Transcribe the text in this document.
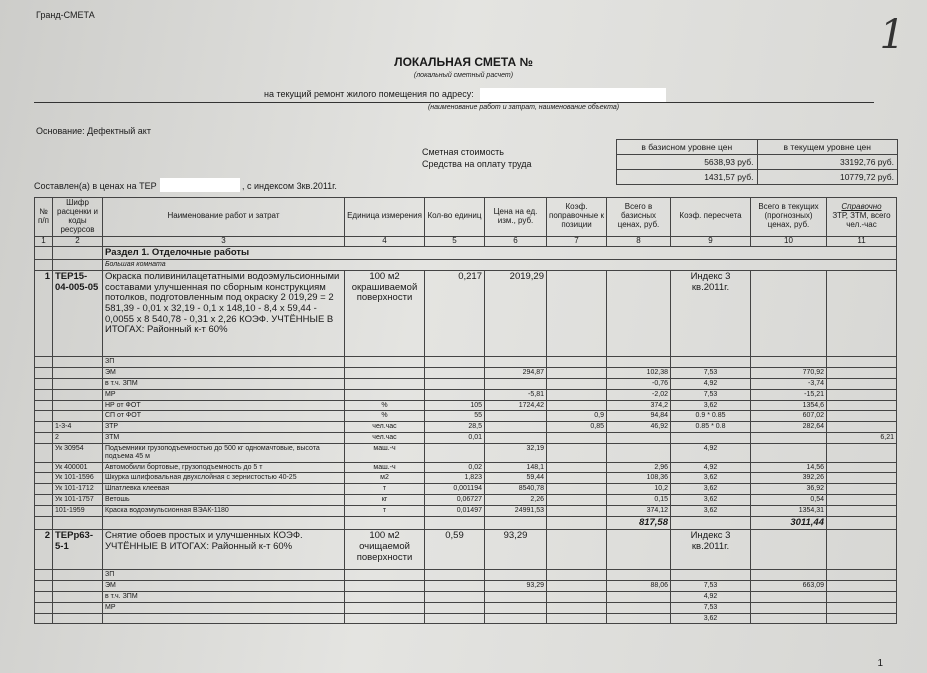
Гранд-СМЕТА	1
ЛОКАЛЬНАЯ СМЕТА №
(локальный сметный расчет)
на текущий ремонт жилого помещения по адресу:
(наименование работ и затрат, наименование объекта)
Основание: Дефектный акт
Сметная стоимость
Средства на оплату труда
в базисном уровне цен	в текущем уровне цен
5638,93 руб.	33192,76 руб.
1431,57 руб.	10779,72 руб.
Составлен(а) в ценах на ТЕР	, с индексом 3кв.2011г.
№ п/п	Шифр расценки и коды ресурсов	Наименование работ и затрат	Единица измерения	Кол-во единиц	Цена на ед. изм., руб.	Коэф. поправочные к позиции	Всего в базисных ценах, руб.	Коэф. пересчета	Всего в текущих (прогнозных) ценах, руб.	Справочно
ЗТР, ЗТМ, всего чел.-час

1	2	3	4	5	6	7	8	9	10	11
		Раздел 1. Отделочные работы								
		Большая комната								
1	ТЕР15-04-005-05	Окраска поливинилацетатными водоэмульсионными составами улучшенная по сборным конструкциям потолков, подготовленным под окраску 2 019,29 = 2 581,39 - 0,01 x 32,19 - 0,1 x 148,10 - 8,4 x 59,44 - 0,0055 x 8 540,78 - 0,31 x 2,26 КОЭФ. УЧТЁННЫЕ В ИТОГАХ: Районный к-т 60%	100 м2 окрашиваемой поверхности	0,217	2019,29			Индекс 3 кв.2011г.		
		ЗП								
		ЭМ			294,87		102,38	7,53	770,92	
		в т.ч. ЗПМ					-0,76	4,92	-3,74	
		МР			-5,81		-2,02	7,53	-15,21	
		НР от ФОТ	%	105	1724,42		374,2	3,62	1354,6	
		СП от ФОТ	%	55		0,9	94,84	0.9 * 0.85	607,02	
	1-3-4	ЗТР	чел.час	28,5		0,85	46,92	0.85 * 0.8	282,64	
	2	ЗТМ	чел.час	0,01						6,21
	Ук 30954	Подъемники грузоподъемностью до 500 кг одномачтовые, высота подъема 45 м	маш.-ч		32,19			4,92		
	Ук 400001	Автомобили бортовые, грузоподъемность до 5 т	маш.-ч	0,02	148,1		2,96	4,92	14,56	
	Ук 101-1596	Шкурка шлифовальная двухслойная с зернистостью 40-25	м2	1,823	59,44		108,36	3,62	392,26	
	Ук 101-1712	Шпатлевка клеевая	т	0,001194	8540,78		10,2	3,62	36,92	
	Ук 101-1757	Ветошь	кг	0,06727	2,26		0,15	3,62	0,54	
	101-1959	Краска водоэмульсионная ВЭАК-1180	т	0,01497	24991,53		374,12	3,62	1354,31	
							817,58		3011,44	
2	ТЕРр63-5-1	Снятие обоев простых и улучшенных КОЭФ. УЧТЁННЫЕ В ИТОГАХ: Районный к-т 60%	100 м2 очищаемой поверхности	0,59	93,29			Индекс 3 кв.2011г.		
		ЗП								
		ЭМ			93,29		88,06	7,53	663,09	
		в т.ч. ЗПМ						4,92		
		МР						7,53		
								3,62		
1
